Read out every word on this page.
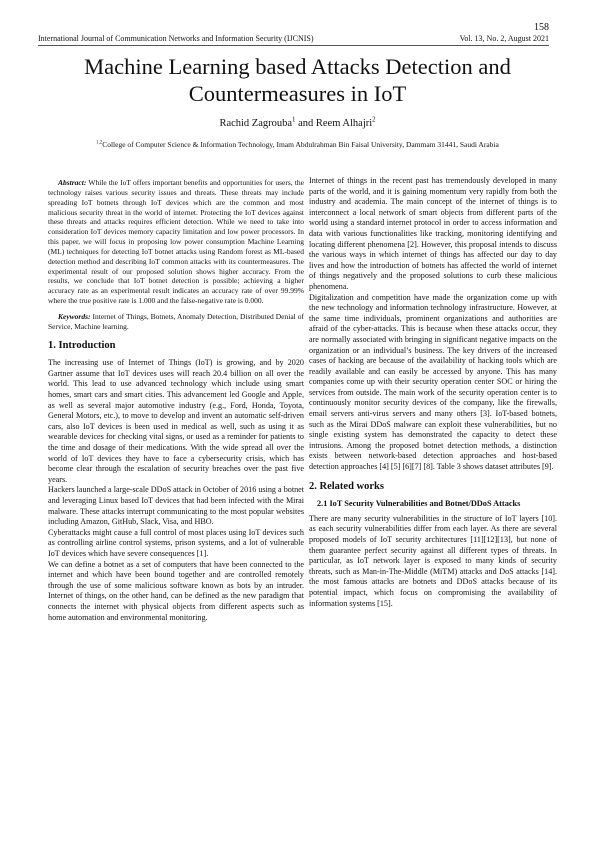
158
International Journal of Communication Networks and Information Security (IJCNIS)	Vol. 13, No. 2, August 2021
Machine Learning based Attacks Detection and Countermeasures in IoT
Rachid Zagrouba$^1$ and Reem Alhajri$^2$
$^{1,2}$College of Computer Science & Information Technology, Imam Abdulrahman Bin Faisal University, Dammam 31441, Saudi Arabia

Abstract: While the IoT offers important benefits and opportunities for users, the technology raises various security issues and threats. These threats may include spreading IoT botnets through IoT devices which are the common and most malicious security threat in the world of internet. Protecting the IoT devices against these threats and attacks requires efficient detection. While we need to take into consideration IoT devices memory capacity limitation and low power processors. In this paper, we will focus in proposing low power consumption Machine Learning (ML) techniques for detecting IoT botnet attacks using Random forest as ML-based detection method and describing IoT common attacks with its countermeasures. The experimental result of our proposed solution shows higher accuracy. From the results, we conclude that IoT botnet detection is possible; achieving a higher accuracy rate as an experimental result indicates an accuracy rate of over 99.99% where the true positive rate is 1.000 and the false-negative rate is 0.000.

Keywords: Internet of Things, Botnets, Anomaly Detection, Distributed Denial of Service, Machine learning.

1. Introduction

The increasing use of Internet of Things (IoT) is growing, and by 2020 Gartner assume that IoT devices uses will reach 20.4 billion on all over the world. This lead to use advanced technology which include using smart homes, smart cars and smart cities. This advancement led Google and Apple, as well as several major automotive industry (e.g., Ford, Honda, Toyota, General Motors, etc.), to move to develop and invent an automatic self-driven cars, also IoT devices is been used in medical as well, such as using it as wearable devices for checking vital signs, or used as a reminder for patients to the time and dosage of their medications. With the wide spread all over the world of IoT devices they have to face a cybersecurity crisis, which has become clear through the escalation of security breaches over the past five years.

Hackers launched a large-scale DDoS attack in October of 2016 using a botnet and leveraging Linux based IoT devices that had been infected with the Mirai malware. These attacks interrupt communicating to the most popular websites including Amazon, GitHub, Slack, Visa, and HBO.

Cyberattacks might cause a full control of most places using IoT devices such as controlling airline control systems, prison systems, and a lot of vulnerable IoT devices which have severe consequences [1].

We can define a botnet as a set of computers that have been connected to the internet and which have been bound together and are controlled remotely through the use of some malicious software known as bots by an intruder. Internet of things, on the other hand, can be defined as the new paradigm that connects the internet with physical objects from different aspects such as home automation and environmental monitoring.

Internet of things in the recent past has tremendously developed in many parts of the world, and it is gaining momentum very rapidly from both the industry and academia. The main concept of the internet of things is to interconnect a local network of smart objects from different parts of the world using a standard internet protocol in order to access information and data with various functionalities like tracking, monitoring identifying and locating different phenomena [2]. However, this proposal intends to discuss the various ways in which internet of things has affected our day to day lives and how the introduction of botnets has affected the world of internet of things negatively and the proposed solutions to curb these malicious phenomena.

Digitalization and competition have made the organization come up with the new technology and information technology infrastructure. However, at the same time individuals, prominent organizations and authorities are afraid of the cyber-attacks. This is because when these attacks occur, they are normally associated with bringing in significant negative impacts on the organization or an individual’s business. The key drivers of the increased cases of hacking are because of the availability of hacking tools which are readily available and can easily be accessed by anyone. This has many companies come up with their security operation center SOC or hiring the services from outside. The main work of the security operation center is to continuously monitor security devices of the company, like the firewalls, email servers anti-virus servers and many others [3]. IoT-based botnets, such as the Mirai DDoS malware can exploit these vulnerabilities, but no single existing system has demonstrated the capacity to detect these intrusions. Among the proposed botnet detection methods, a distinction exists between network-based detection approaches and host-based detection approaches [4] [5] [6][7] [8]. Table 3 shows dataset attributes [9].

2. Related works
2.1 IoT Security Vulnerabilities and Botnet/DDoS Attacks

There are many security vulnerabilities in the structure of IoT layers [10]. as each security vulnerabilities differ from each layer. As there are several proposed models of IoT security architectures [11][12][13], but none of them guarantee perfect security against all different types of threats. In particular, as IoT network layer is exposed to many kinds of security threats, such as Man-in-The-Middle (MiTM) attacks and DoS attacks [14]. the most famous attacks are botnets and DDoS attacks because of its potential impact, which focus on compromising the availability of information systems [15].
